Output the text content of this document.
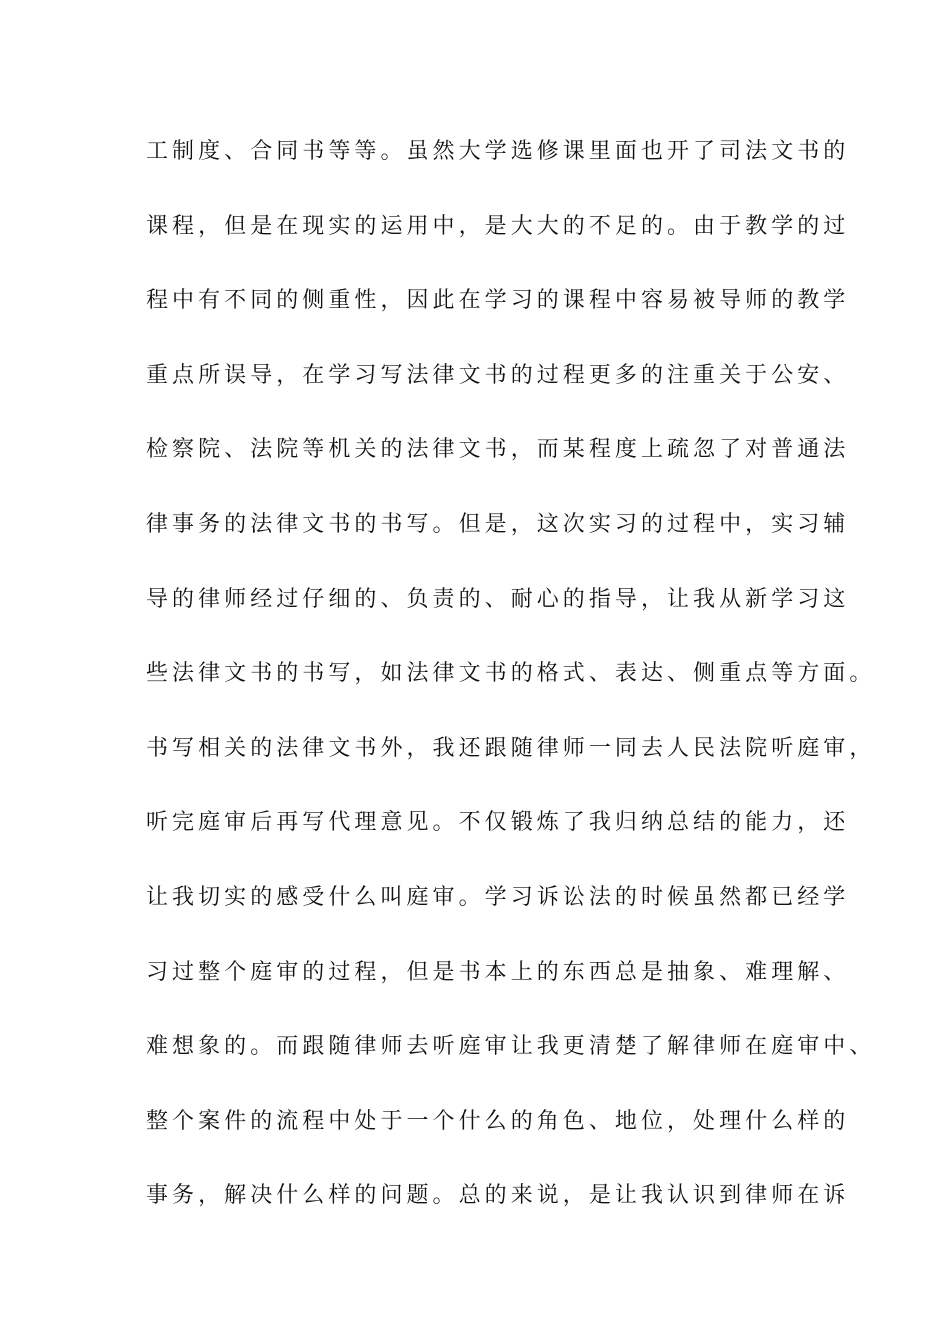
工制度、合同书等等。虽然大学选修课里面也开了司法文书的
课程，但是在现实的运用中，是大大的不足的。由于教学的过
程中有不同的侧重性，因此在学习的课程中容易被导师的教学
重点所误导，在学习写法律文书的过程更多的注重关于公安、
检察院、法院等机关的法律文书，而某程度上疏忽了对普通法
律事务的法律文书的书写。但是，这次实习的过程中，实习辅
导的律师经过仔细的、负责的、耐心的指导，让我从新学习这
些法律文书的书写，如法律文书的格式、表达、侧重点等方面。
书写相关的法律文书外，我还跟随律师一同去人民法院听庭审，
听完庭审后再写代理意见。不仅锻炼了我归纳总结的能力，还
让我切实的感受什么叫庭审。学习诉讼法的时候虽然都已经学
习过整个庭审的过程，但是书本上的东西总是抽象、难理解、
难想象的。而跟随律师去听庭审让我更清楚了解律师在庭审中、
整个案件的流程中处于一个什么的角色、地位，处理什么样的
事务，解决什么样的问题。总的来说，是让我认识到律师在诉
